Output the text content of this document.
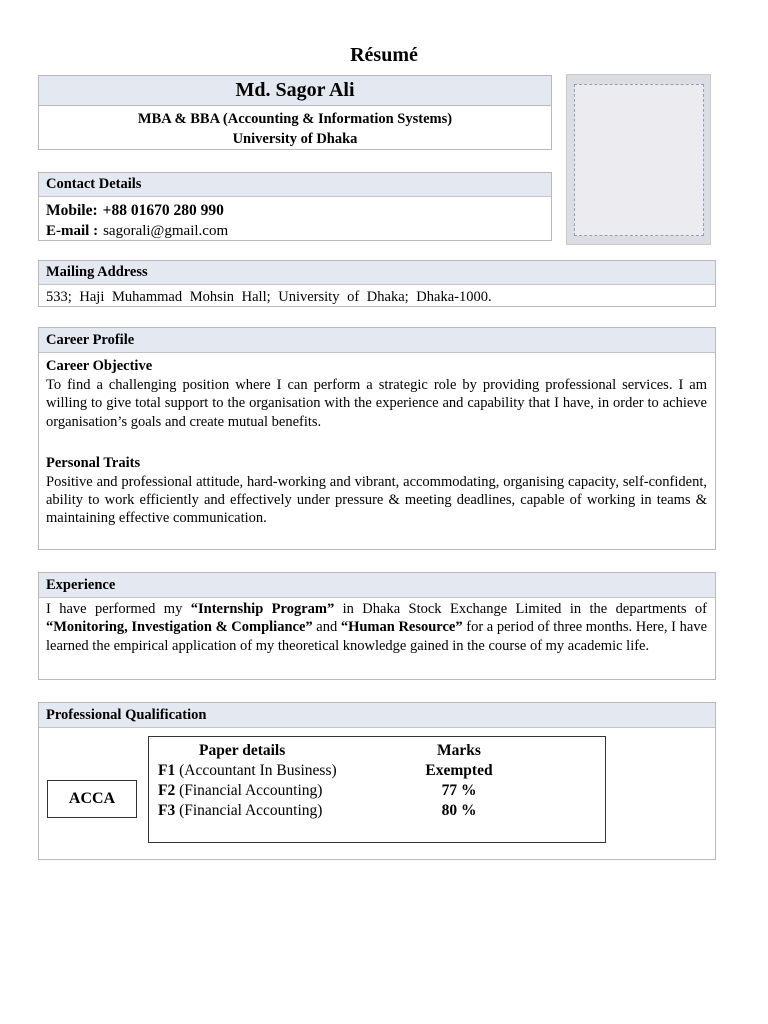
Résumé
Md. Sagor Ali
MBA & BBA (Accounting & Information Systems)
University of Dhaka
Contact Details
Mobile: +88 01670 280 990
E-mail : sagorali@gmail.com
Mailing Address
533; Haji Muhammad Mohsin Hall; University of Dhaka; Dhaka-1000.
Career Profile
Career Objective

To find a challenging position where I can perform a strategic role by providing professional services. I am willing to give total support to the organisation with the experience and capability that I have, in order to achieve organisation’s goals and create mutual benefits.

Personal Traits

Positive and professional attitude, hard-working and vibrant, accommodating, organising capacity, self-confident, ability to work efficiently and effectively under pressure & meeting deadlines, capable of working in teams & maintaining effective communication.

Experience

I have performed my “Internship Program” in Dhaka Stock Exchange Limited in the departments of “Monitoring, Investigation & Compliance” and “Human Resource” for a period of three months. Here, I have learned the empirical application of my theoretical knowledge gained in the course of my academic life.

Professional Qualification
ACCA
Paper details	Marks
F1 (Accountant In Business)	Exempted
F2 (Financial Accounting)	77 %
F3 (Financial Accounting)	80 %
